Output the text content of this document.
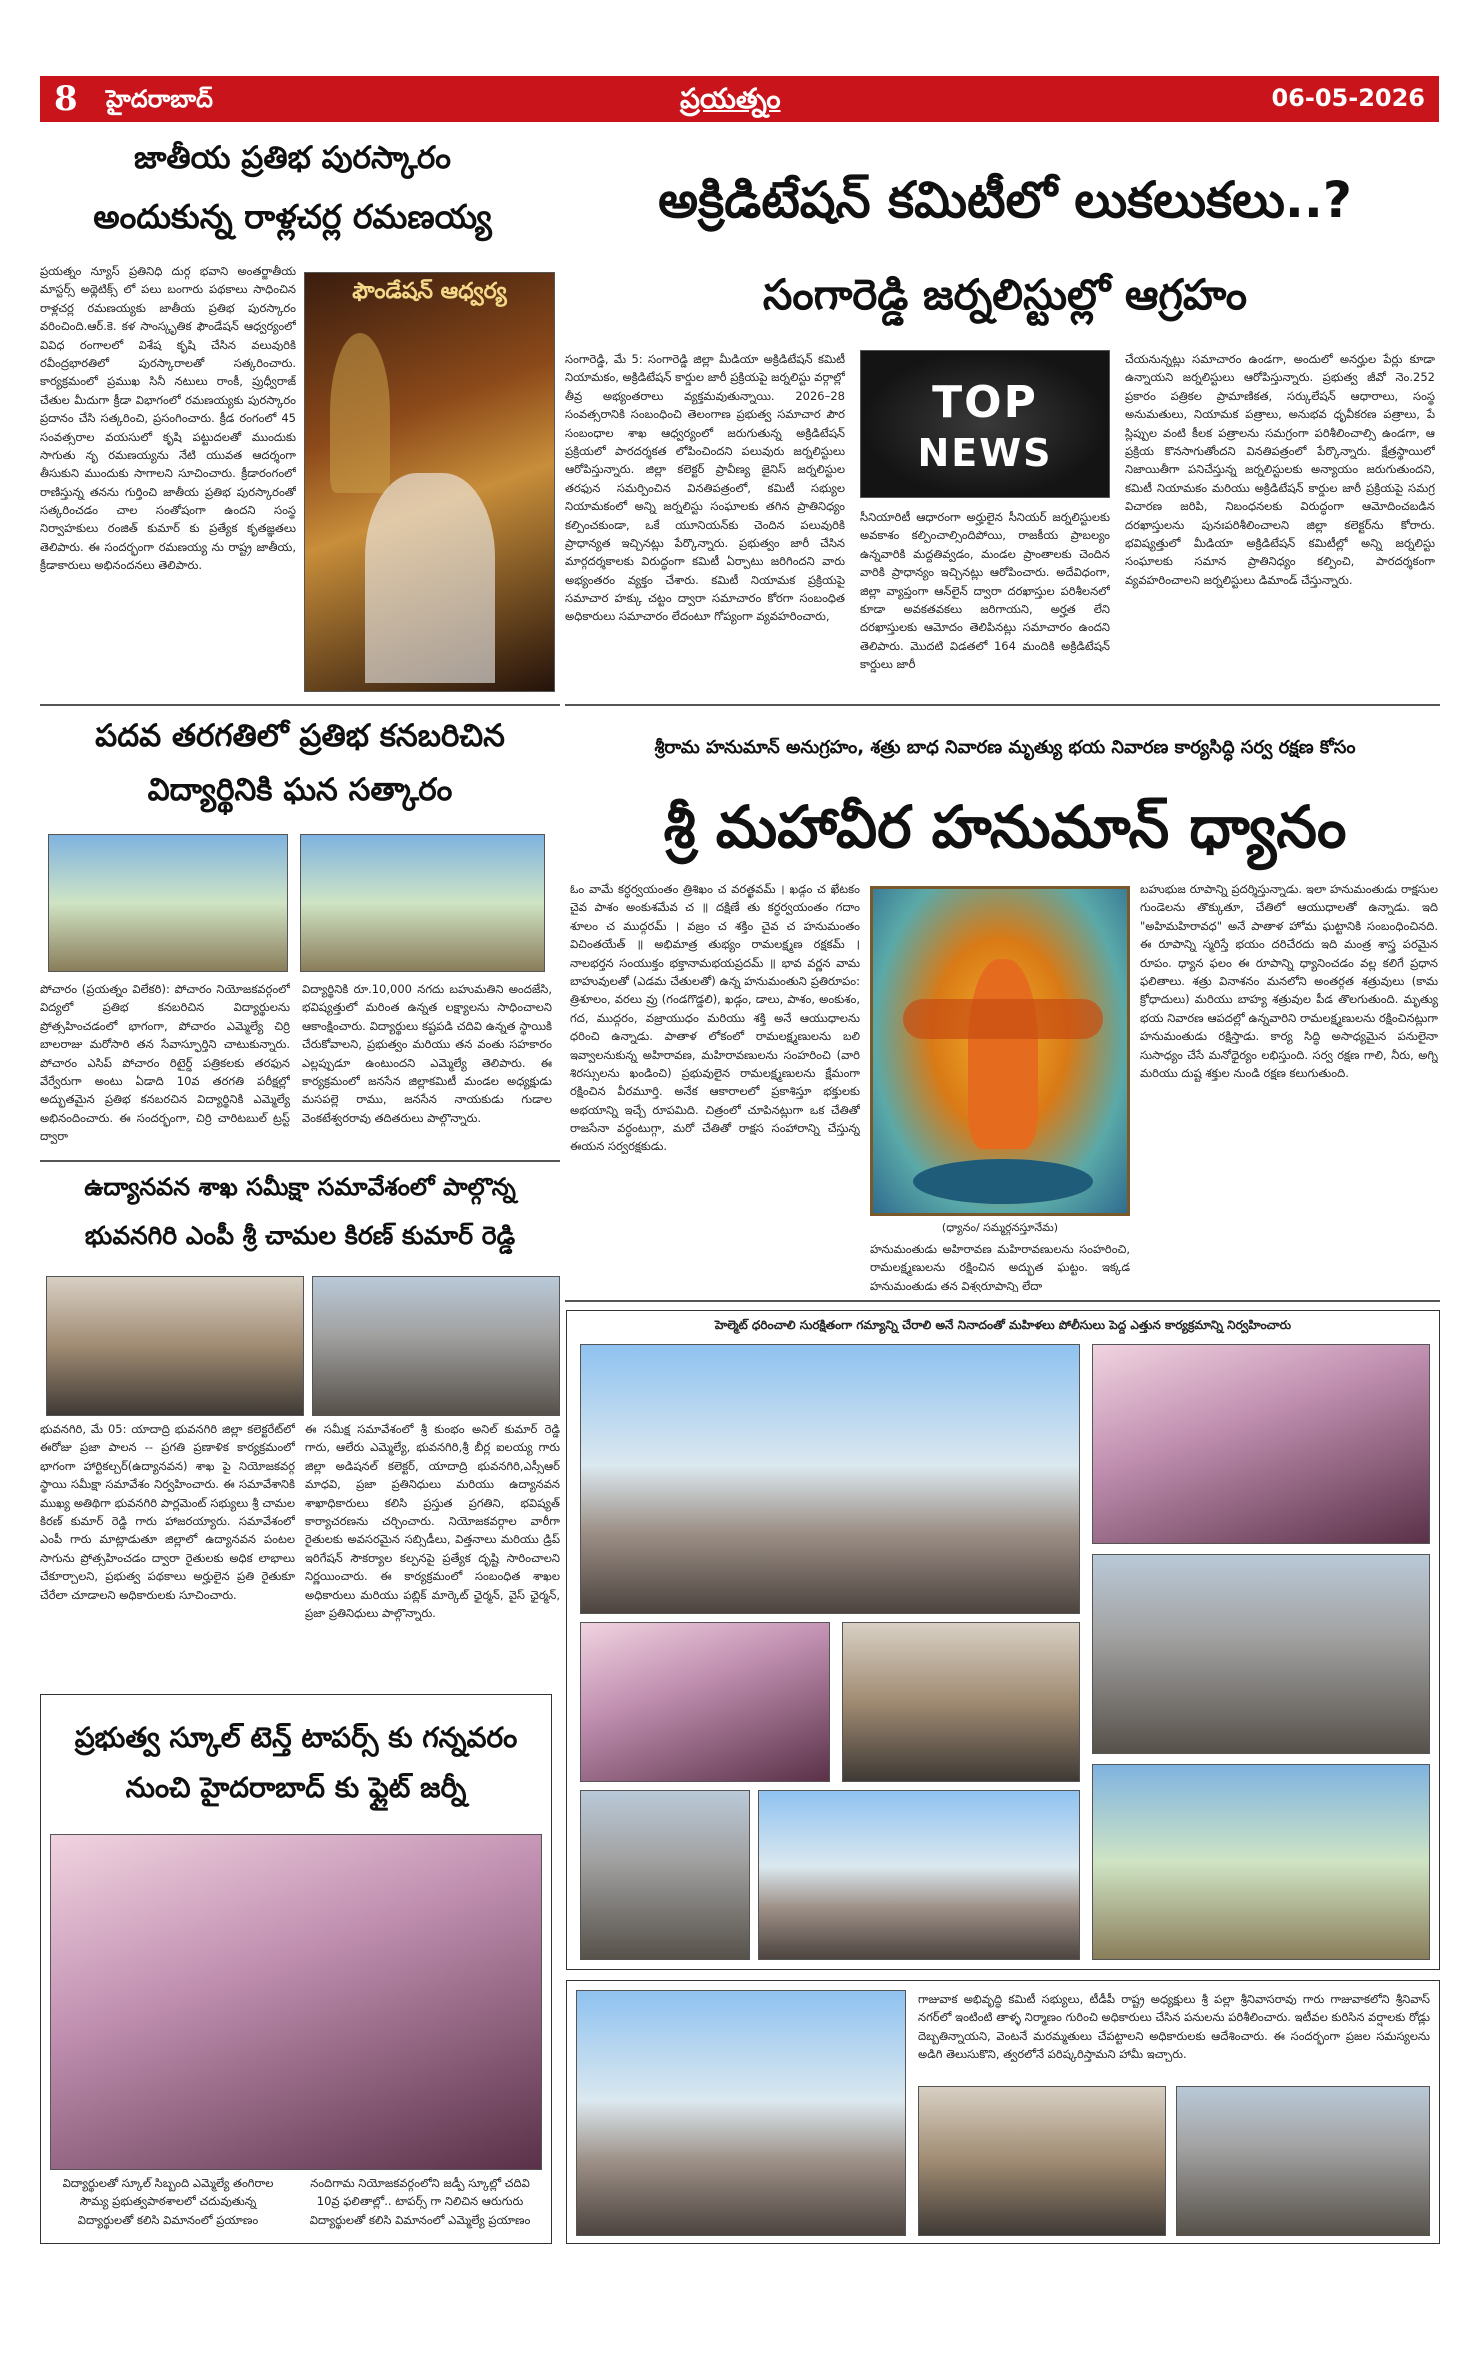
8 హైదరాబాద్	ప్రయత్నం	06-05-2026
జాతీయ ప్రతిభ పురస్కారం
అందుకున్న రాళ్లచర్ల రమణయ్య
ప్రయత్నం న్యూస్ ప్రతినిధి దుర్గ భవాని అంతర్జాతీయ మాస్టర్స్ అథ్లెటిక్స్ లో పలు బంగారు పథకాలు సాధించిన రాళ్లచర్ల రమణయ్యకు జాతీయ ప్రతిభ పురస్కారం వరించింది.ఆర్.కె. కళ సాంస్కృతిక ఫౌండేషన్ ఆధ్వర్యంలో వివిధ రంగాలలో విశేష కృషి చేసిన వలువురికి రవీంద్రభారతిలో పురస్కారాలతో సత్కరించారు. కార్యక్రమంలో ప్రముఖ సినీ నటులు రాంకీ, ప్రుధ్వీరాజ్ చేతుల మీదుగా క్రీడా విభాగంలో రమణయ్యకు పురస్కారం ప్రదానం చేసి సత్కరించి, ప్రసంగించారు. క్రీడ రంగంలో 45 సంవత్సరాల వయసులో కృషి పట్టుదలతో ముందుకు సాగుతు నృ రమణయ్యను నేటి యువత ఆదర్శంగా తీసుకుని ముందుకు సాగాలని సూచించారు. క్రీడారంగంలో రాణిస్తున్న తనను గుర్తించి జాతీయ ప్రతిభ పురస్కారంతో సత్కరించడం చాల సంతోషంగా ఉందని సంస్థ నిర్వాహకులు రంజిత్ కుమార్ కు ప్రత్యేక కృతజ్ఞతలు తెలిపారు. ఈ సందర్భంగా రమణయ్య ను రాష్ట్ర జాతీయ, క్రీడాకారులు అభినందనలు తెలిపారు.
ఫౌండేషన్ ఆధ్వర్య
అక్రిడిటేషన్ కమిటీలో లుకలుకలు..?
సంగారెడ్డి జర్నలిస్టుల్లో ఆగ్రహం
సంగారెడ్డి, మే 5: సంగారెడ్డి జిల్లా మీడియా అక్రిడిటేషన్ కమిటీ నియామకం, అక్రిడిటేషన్ కార్డుల జారీ ప్రక్రియపై జర్నలిస్టు వర్గాల్లో తీవ్ర అభ్యంతరాలు వ్యక్తమవుతున్నాయి. 2026–28 సంవత్సరానికి సంబంధించి తెలంగాణ ప్రభుత్వ సమాచార పౌర సంబంధాల శాఖ ఆధ్వర్యంలో జరుగుతున్న అక్రిడిటేషన్ ప్రక్రియలో పారదర్శకత లోపించిందని పలువురు జర్నలిస్టులు ఆరోపిస్తున్నారు. జిల్లా కలెక్టర్ ప్రావీణ్య జైనిస్ జర్నలిస్టుల తరఫున సమర్పించిన వినతిపత్రంలో, కమిటీ సభ్యుల నియామకంలో అన్ని జర్నలిస్టు సంఘాలకు తగిన ప్రాతినిధ్యం కల్పించకుండా, ఒకే యూనియన్‌కు చెందిన పలువురికి ప్రాధాన్యత ఇచ్చినట్లు పేర్కొన్నారు. ప్రభుత్వం జారీ చేసిన మార్గదర్శకాలకు విరుద్ధంగా కమిటీ ఏర్పాటు జరిగిందని వారు అభ్యంతరం వ్యక్తం చేశారు. కమిటీ నియామక ప్రక్రియపై సమాచార హక్కు చట్టం ద్వారా సమాచారం కోరగా సంబంధిత అధికారులు సమాచారం లేదంటూ గోప్యంగా వ్యవహరించారు,
TOP
NEWS
సీనియారిటీ ఆధారంగా అర్హులైన సీనియర్ జర్నలిస్టులకు అవకాశం కల్పించాల్సిందిపోయి, రాజకీయ ప్రాబల్యం ఉన్నవారికి మద్దతివ్వడం, మండల ప్రాంతాలకు చెందిన వారికి ప్రాధాన్యం ఇచ్చినట్లు ఆరోపించారు. అదేవిధంగా, జిల్లా వ్యాప్తంగా ఆన్‌లైన్ ద్వారా దరఖాస్తుల పరిశీలనలో కూడా అవకతవకలు జరిగాయని, అర్హత లేని దరఖాస్తులకు ఆమోదం తెలిపినట్లు సమాచారం ఉందని తెలిపారు. మొదటి విడతలో 164 మందికి అక్రిడిటేషన్ కార్డులు జారీ
చేయనున్నట్లు సమాచారం ఉండగా, అందులో అనర్హుల పేర్లు కూడా ఉన్నాయని జర్నలిస్టులు ఆరోపిస్తున్నారు. ప్రభుత్వ జీవో నెం.252 ప్రకారం పత్రికల ప్రామాణికత, సర్కులేషన్ ఆధారాలు, సంస్థ అనుమతులు, నియామక పత్రాలు, అనుభవ ధృవీకరణ పత్రాలు, పే స్లిప్పుల వంటి కీలక పత్రాలను సమగ్రంగా పరిశీలించాల్సి ఉండగా, ఆ ప్రక్రియ కొనసాగుతోందని వినతిపత్రంలో పేర్కొన్నారు. క్షేత్రస్థాయిలో నిజాయితీగా పనిచేస్తున్న జర్నలిస్టులకు అన్యాయం జరుగుతుందని, కమిటీ నియామకం మరియు అక్రిడిటేషన్ కార్డుల జారీ ప్రక్రియపై సమగ్ర విచారణ జరిపి, నిబంధనలకు విరుద్ధంగా ఆమోదించబడిన దరఖాస్తులను పునఃపరిశీలించాలని జిల్లా కలెక్టర్‌ను కోరారు. భవిష్యత్తులో మీడియా అక్రిడిటేషన్ కమిటీల్లో అన్ని జర్నలిస్టు సంఘాలకు సమాన ప్రాతినిధ్యం కల్పించి, పారదర్శకంగా వ్యవహరించాలని జర్నలిస్టులు డిమాండ్ చేస్తున్నారు.
పదవ తరగతిలో ప్రతిభ కనబరిచిన
విద్యార్థినికి ఘన సత్కారం
పోచారం (ప్రయత్నం విలేకరి): పోచారం నియోజకవర్గంలో విద్యలో ప్రతిభ కనబరిచిన విద్యార్థులను ప్రోత్సహించడంలో భాగంగా, పోచారం ఎమ్మెల్యే చిర్రి బాలరాజు మరోసారి తన సేవాస్ఫూర్తిని చాటుకున్నారు. పోచారం ఎసిప్ పోచారం రిటైర్డ్ పత్రికలకు తరఫున వేర్వేరుగా అంటు ఏడాది 10వ తరగతి పరీక్షల్లో అద్భుతమైన ప్రతిభ కనబరచిన విద్యార్థినికి ఎమ్మెల్యే అభినందించారు. ఈ సందర్భంగా, చిర్రి చారిటబుల్ ట్రస్ట్ ద్వారా
విద్యార్థినికి రూ.10,000 నగదు బహుమతిని అందజేసి, భవిష్యత్తులో మరింత ఉన్నత లక్ష్యాలను సాధించాలని ఆకాంక్షించారు. విద్యార్థులు కష్టపడి చదివి ఉన్నత స్థాయికి చేరుకోవాలని, ప్రభుత్వం మరియు తన వంతు సహకారం ఎల్లప్పుడూ ఉంటుందని ఎమ్మెల్యే తెలిపారు. ఈ కార్యక్రమంలో జనసేన జిల్లాకమిటీ మండల అధ్యక్షుడు మసపల్లె రాము, జనసేన నాయకుడు గుడాల వెంకటేశ్వరరావు తదితరులు పాల్గొన్నారు.
శ్రీరామ హనుమాన్ అనుగ్రహం, శత్రు బాధ నివారణ మృత్యు భయ నివారణ కార్యసిద్ధి సర్వ రక్షణ కోసం
శ్రీ మహావీర హనుమాన్ ధ్యానం
ఓం వామే కర్ధర్వయంతం త్రిశిఖం చ వరత్ఖవమ్ । ఖడ్గం చ ఖేటకం చైవ పాశం అంకుశమేవ చ ॥ దక్షిణే తు కర్ధర్వయంతం గదాం శూలం చ ముద్గరమ్ । వజ్రం చ శక్తిం చైవ చ హనుమంతం విచింతయేత్ ॥ అభిమాత్ర తుభ్యం రామలక్ష్మణ రక్షకమ్ । నాలభర్తన సంయుక్తం భక్తానామభయప్రదమ్ ॥ భావ వర్ణన వామ బాహువులతో (ఎడమ చేతులతో) ఉన్న హనుమంతుని ప్రతిరూపం: త్రిశూలం, వరలు వ్రు (గండగొడ్డలి), ఖడ్గం, డాలు, పాశం, అంకుశం, గద, ముద్గరం, వజ్రాయుధం మరియు శక్తి అనే ఆయుధాలను ధరించి ఉన్నాడు. పాతాళ లోకంలో రామలక్ష్మణులను బలి ఇవ్వాలనుకున్న అహిరావణ, మహిరావణులను సంహరించి (వారి శిరస్సులను ఖండించి) ప్రభువులైన రామలక్ష్మణులను క్షేమంగా రక్షించిన వీరమూర్తి. అనేక ఆకారాలలో ప్రకాశిస్తూ భక్తులకు అభయాన్ని ఇచ్చే రూపమిది. చిత్రంలో చూపినట్లుగా ఒక చేతితో రాజసేనా వర్ధంటుగ్గా, మరో చేతితో రాక్షస సంహారాన్ని చేస్తున్న ఈయన సర్వరక్షకుడు.
(ధ్యానం/ సమ్మర్గనస్తూనేమ)
హనుమంతుడు అహిరావణ మహిరావణులను సంహరించి, రామలక్ష్మణులను రక్షించిన అద్భుత ఘట్టం. ఇక్కడ హనుమంతుడు తన విశ్వరూపాన్ని లేదా
బహుభుజ రూపాన్ని ప్రదర్శిస్తున్నాడు. ఇలా హనుమంతుడు రాక్షసుల గుండెలను తొక్కుతూ, చేతిలో ఆయుధాలతో ఉన్నాడు. ఇది "అహిమహిరావధ" అనే పాతాళ హోమ ఘట్టానికి సంబంధించినది. ఈ రూపాన్ని స్మరిస్తే భయం దరిచేరదు ఇది మంత్ర శాస్త్ర పరమైన రూపం. ధ్యాన ఫలం ఈ రూపాన్ని ధ్యానించడం వల్ల కలిగే ప్రధాన ఫలితాలు. శత్రు వినాశనం మనలోని అంతర్గత శత్రువులు (కామ క్రోధాదులు) మరియు బాహ్య శత్రువుల పీడ తొలగుతుంది. మృత్యు భయ నివారణ ఆపదల్లో ఉన్నవారిని రామలక్ష్మణులను రక్షించినట్లుగా హనుమంతుడు రక్షిస్తాడు. కార్య సిద్ధి అసాధ్యమైన పనులైనా సుసాధ్యం చేసే మనోధైర్యం లభిస్తుంది. సర్వ రక్షణ గాలి, నీరు, అగ్ని మరియు దుష్ట శక్తుల నుండి రక్షణ కలుగుతుంది.
ఉద్యానవన శాఖ సమీక్షా సమావేశంలో పాల్గొన్న
భువనగిరి ఎంపీ శ్రీ చామల కిరణ్ కుమార్ రెడ్డి
భువనగిరి, మే 05: యాదాద్రి భువనగిరి జిల్లా కలెక్టరేట్‌లో ఈరోజు ప్రజా పాలన -- ప్రగతి ప్రణాళిక కార్యక్రమంలో భాగంగా హార్టికల్చర్(ఉద్యానవన) శాఖ పై నియోజకవర్గ స్థాయి సమీక్షా సమావేశం నిర్వహించారు. ఈ సమావేశానికి ముఖ్య అతిథిగా భువనగిరి పార్లమెంట్ సభ్యులు శ్రీ చామల కిరణ్ కుమార్ రెడ్డి గారు హాజరయ్యారు. సమావేశంలో ఎంపీ గారు మాట్లాడుతూ జిల్లాలో ఉద్యానవన పంటల సాగును ప్రోత్సహించడం ద్వారా రైతులకు అధిక లాభాలు చేకూర్చాలని, ప్రభుత్వ పథకాలు అర్హులైన ప్రతి రైతుకూ చేరేలా చూడాలని అధికారులకు సూచించారు.
ఈ సమీక్ష సమావేశంలో శ్రీ కుంభం అనిల్ కుమార్ రెడ్డి గారు, ఆలేరు ఎమ్మెల్యే, భువనగిరి,శ్రీ బీర్ల ఐలయ్య గారు జిల్లా అడిషనల్ కలెక్టర్, యాదాద్రి భువనగిరి,ఎస్సీఆర్ మాధవి, ప్రజా ప్రతినిధులు మరియు ఉద్యానవన శాఖాధికారులు కలిసి ప్రస్తుత ప్రగతిని, భవిష్యత్ కార్యాచరణను చర్చించారు. నియోజకవర్గాల వారీగా రైతులకు అవసరమైన సబ్సిడీలు, విత్తనాలు మరియు డ్రిప్ ఇరిగేషన్ సౌకర్యాల కల్పనపై ప్రత్యేక దృష్టి సారించాలని నిర్ణయించారు. ఈ కార్యక్రమంలో సంబంధిత శాఖల అధికారులు మరియు పబ్లిక్ మార్కెట్ ఛైర్మన్, వైస్ ఛైర్మన్, ప్రజా ప్రతినిధులు పాల్గొన్నారు.
హెల్మెట్ ధరించాలి సురక్షితంగా గమ్యాన్ని చేరాలి అనే నినాదంతో మహిళలు పోలీసులు పెద్ద ఎత్తున కార్యక్రమాన్ని నిర్వహించారు
ప్రభుత్వ స్కూల్ టెన్త్ టాపర్స్ కు గన్నవరం
నుంచి హైదరాబాద్ కు ఫ్లైట్ జర్నీ
విద్యార్థులతో స్కూల్ సిబ్బంది ఎమ్మెల్యే తంగిరాల సౌమ్య ప్రభుత్వపాఠశాలలో చదువుతున్న విద్యార్థులతో కలిసి విమానంలో ప్రయాణం
నందిగామ నియోజకవర్గంలోని జడ్పీ స్కూల్లో చదివి 10వ్ర ఫలితాల్లో.. టాపర్స్ గా నిలిచిన ఆరుగురు విద్యార్థులతో కలిసి విమానంలో ఎమ్మెల్యే ప్రయాణం
గాజువాక అభివృద్ధి కమిటీ సభ్యులు, టీడీపీ రాష్ట్ర అధ్యక్షులు శ్రీ పల్లా శ్రీనివాసరావు గారు గాజువాకలోని శ్రీనివాస్ నగర్‌లో ఇంటింటి తాళ్ళ నిర్మాణం గురించి అధికారులు చేసిన పనులను పరిశీలించారు. ఇటీవల కురిసిన వర్షాలకు రోడ్లు దెబ్బతిన్నాయని, వెంటనే మరమ్మతులు చేపట్టాలని అధికారులకు ఆదేశించారు. ఈ సందర్భంగా ప్రజల సమస్యలను అడిగి తెలుసుకొని, త్వరలోనే పరిష్కరిస్తామని హామీ ఇచ్చారు.
